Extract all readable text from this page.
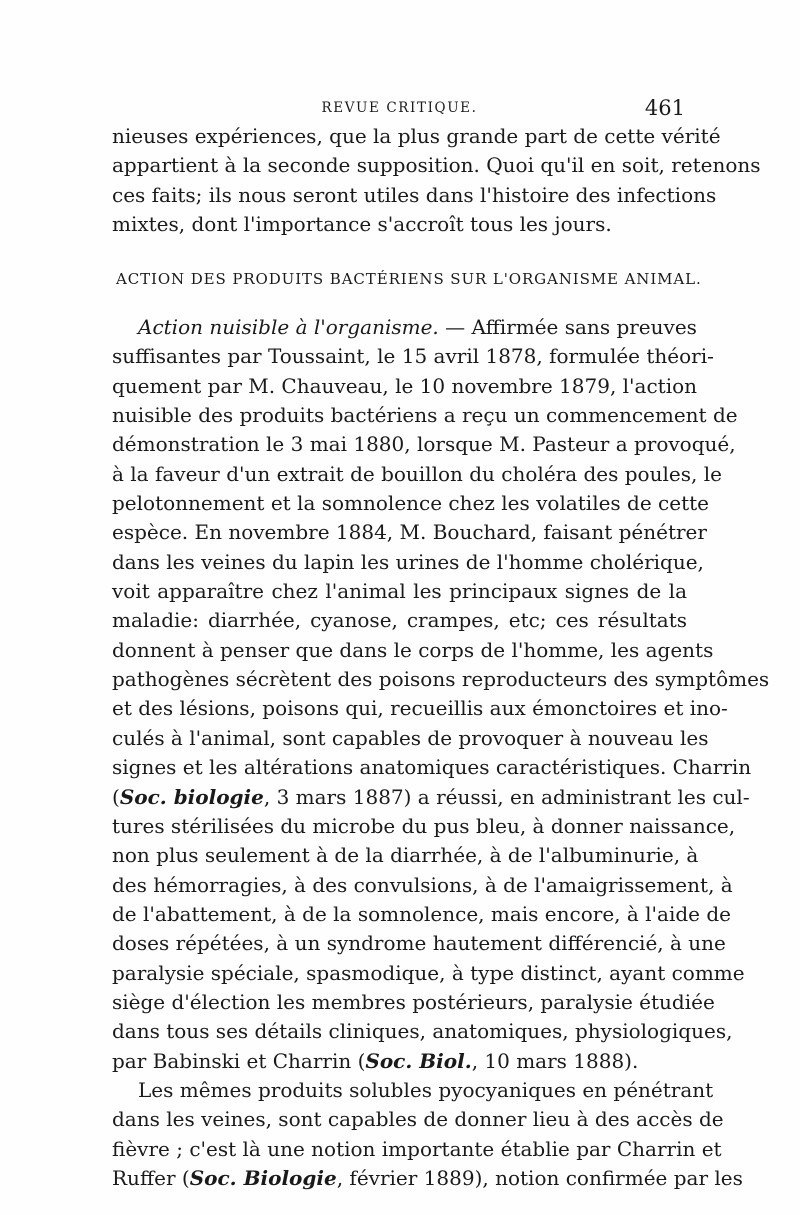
REVUE CRITIQUE.	461
nieuses expériences, que la plus grande part de cette vérité
appartient à la seconde supposition. Quoi qu'il en soit, retenons
ces faits; ils nous seront utiles dans l'histoire des infections
mixtes, dont l'importance s'accroît tous les jours.
ACTION DES PRODUITS BACTÉRIENS SUR L'ORGANISME ANIMAL.
Action nuisible à l'organisme. — Affirmée sans preuves
suffisantes par Toussaint, le 15 avril 1878, formulée théori-
quement par M. Chauveau, le 10 novembre 1879, l'action
nuisible des produits bactériens a reçu un commencement de
démonstration le 3 mai 1880, lorsque M. Pasteur a provoqué,
à la faveur d'un extrait de bouillon du choléra des poules, le
pelotonnement et la somnolence chez les volatiles de cette
espèce. En novembre 1884, M. Bouchard, faisant pénétrer
dans les veines du lapin les urines de l'homme cholérique,
voit apparaître chez l'animal les principaux signes de la
maladie: diarrhée, cyanose, crampes, etc; ces résultats
donnent à penser que dans le corps de l'homme, les agents
pathogènes sécrètent des poisons reproducteurs des symptômes
et des lésions, poisons qui, recueillis aux émonctoires et ino-
culés à l'animal, sont capables de provoquer à nouveau les
signes et les altérations anatomiques caractéristiques. Charrin
(Soc. biologie, 3 mars 1887) a réussi, en administrant les cul-
tures stérilisées du microbe du pus bleu, à donner naissance,
non plus seulement à de la diarrhée, à de l'albuminurie, à
des hémorragies, à des convulsions, à de l'amaigrissement, à
de l'abattement, à de la somnolence, mais encore, à l'aide de
doses répétées, à un syndrome hautement différencié, à une
paralysie spéciale, spasmodique, à type distinct, ayant comme
siège d'élection les membres postérieurs, paralysie étudiée
dans tous ses détails cliniques, anatomiques, physiologiques,
par Babinski et Charrin (Soc. Biol., 10 mars 1888).
Les mêmes produits solubles pyocyaniques en pénétrant
dans les veines, sont capables de donner lieu à des accès de
fièvre ; c'est là une notion importante établie par Charrin et
Ruffer (Soc. Biologie, février 1889), notion confirmée par les
